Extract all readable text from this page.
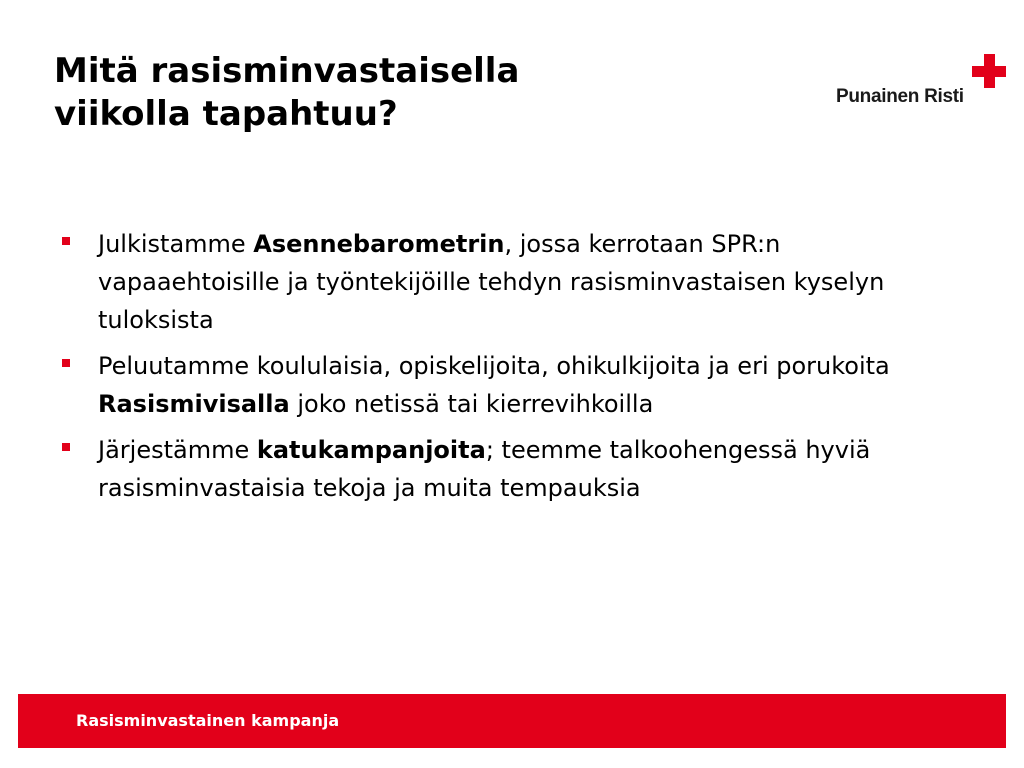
Mitä rasisminvastaisella
viikolla tapahtuu?	Punainen Risti
Julkistamme Asennebarometrin, jossa kerrotaan SPR:n vapaaehtoisille ja työntekijöille tehdyn rasisminvastaisen kyselyn tuloksista
Peluutamme koululaisia, opiskelijoita, ohikulkijoita ja eri porukoita Rasismivisalla joko netissä tai kierrevihkoilla
Järjestämme katukampanjoita; teemme talkoohengessä hyviä rasisminvastaisia tekoja ja muita tempauksia
Rasisminvastainen kampanja
